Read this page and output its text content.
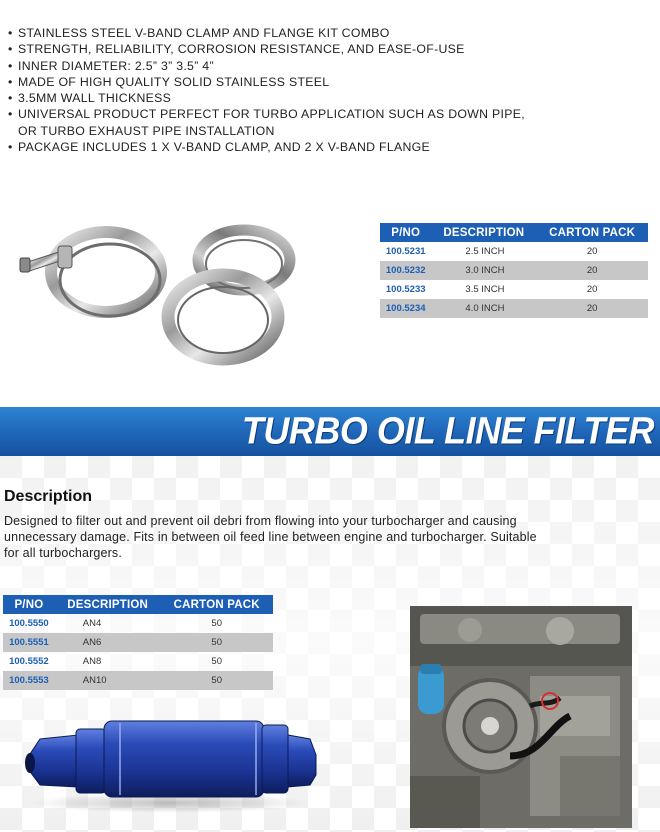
• STAINLESS STEEL V-BAND CLAMP AND FLANGE KIT COMBO
• STRENGTH, RELIABILITY, CORROSION RESISTANCE, AND EASE-OF-USE
• INNER DIAMETER: 2.5” 3” 3.5” 4”
• MADE OF HIGH QUALITY SOLID STAINLESS STEEL
• 3.5MM WALL THICKNESS
• UNIVERSAL PRODUCT PERFECT FOR TURBO APPLICATION SUCH AS DOWN PIPE,
OR TURBO EXHAUST PIPE INSTALLATION
• PACKAGE INCLUDES 1 X V-BAND CLAMP, AND 2 X V-BAND FLANGE
P/NO	DESCRIPTION	CARTON PACK
100.5231	2.5 INCH	20
100.5232	3.0 INCH	20
100.5233	3.5 INCH	20
100.5234	4.0 INCH	20
TURBO OIL LINE FILTER
Description
Designed to filter out and prevent oil debri from flowing into your turbocharger and causing unnecessary damage. Fits in between oil feed line between engine and turbocharger. Suitable for all turbochargers.
P/NO	DESCRIPTION	CARTON PACK
100.5550	AN4	50
100.5551	AN6	50
100.5552	AN8	50
100.5553	AN10	50
